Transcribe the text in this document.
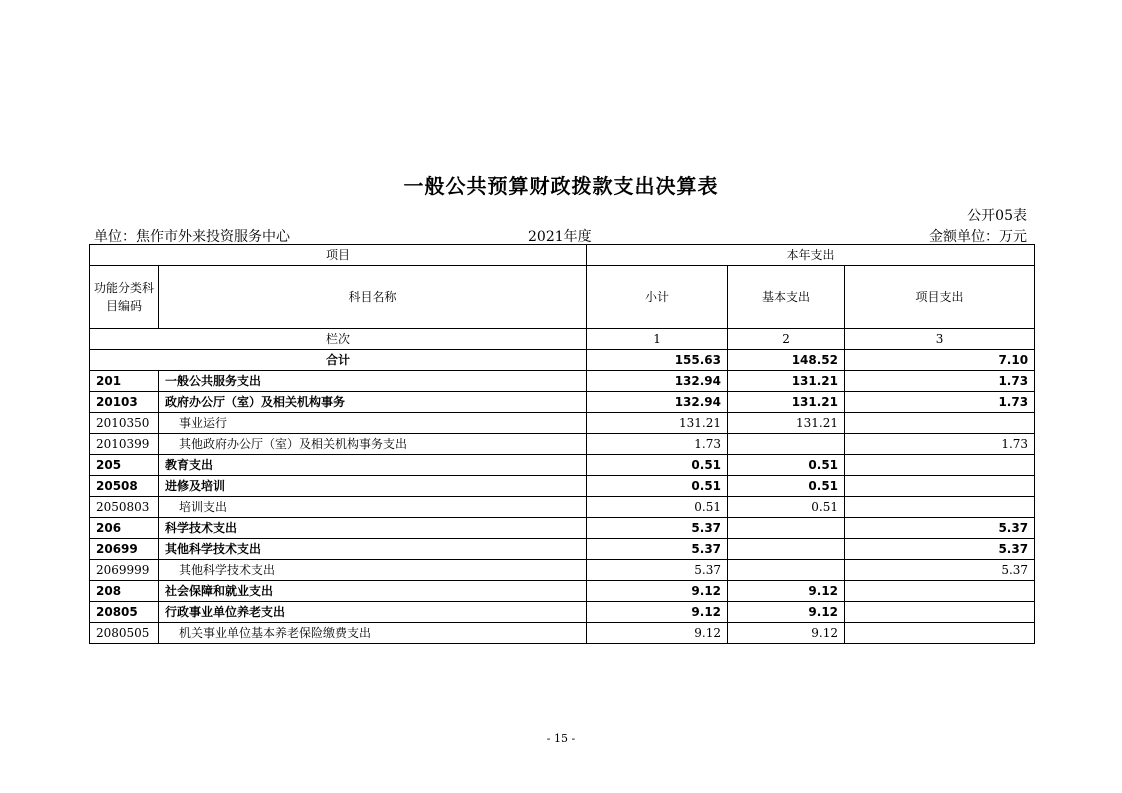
一般公共预算财政拨款支出决算表
公开05表
单位：焦作市外来投资服务中心	2021年度	金额单位：万元
项目		本年支出		
功能分类科目编码	科目名称	小计	基本支出	项目支出
栏次		1	2	3
合计		155.63	148.52	7.10
201	一般公共服务支出	132.94	131.21	1.73
20103	政府办公厅（室）及相关机构事务	132.94	131.21	1.73
2010350	事业运行	131.21	131.21	
2010399	其他政府办公厅（室）及相关机构事务支出	1.73		1.73
205	教育支出	0.51	0.51	
20508	进修及培训	0.51	0.51	
2050803	培训支出	0.51	0.51	
206	科学技术支出	5.37		5.37
20699	其他科学技术支出	5.37		5.37
2069999	其他科学技术支出	5.37		5.37
208	社会保障和就业支出	9.12	9.12	
20805	行政事业单位养老支出	9.12	9.12	
2080505	机关事业单位基本养老保险缴费支出	9.12	9.12	
- 15 -
